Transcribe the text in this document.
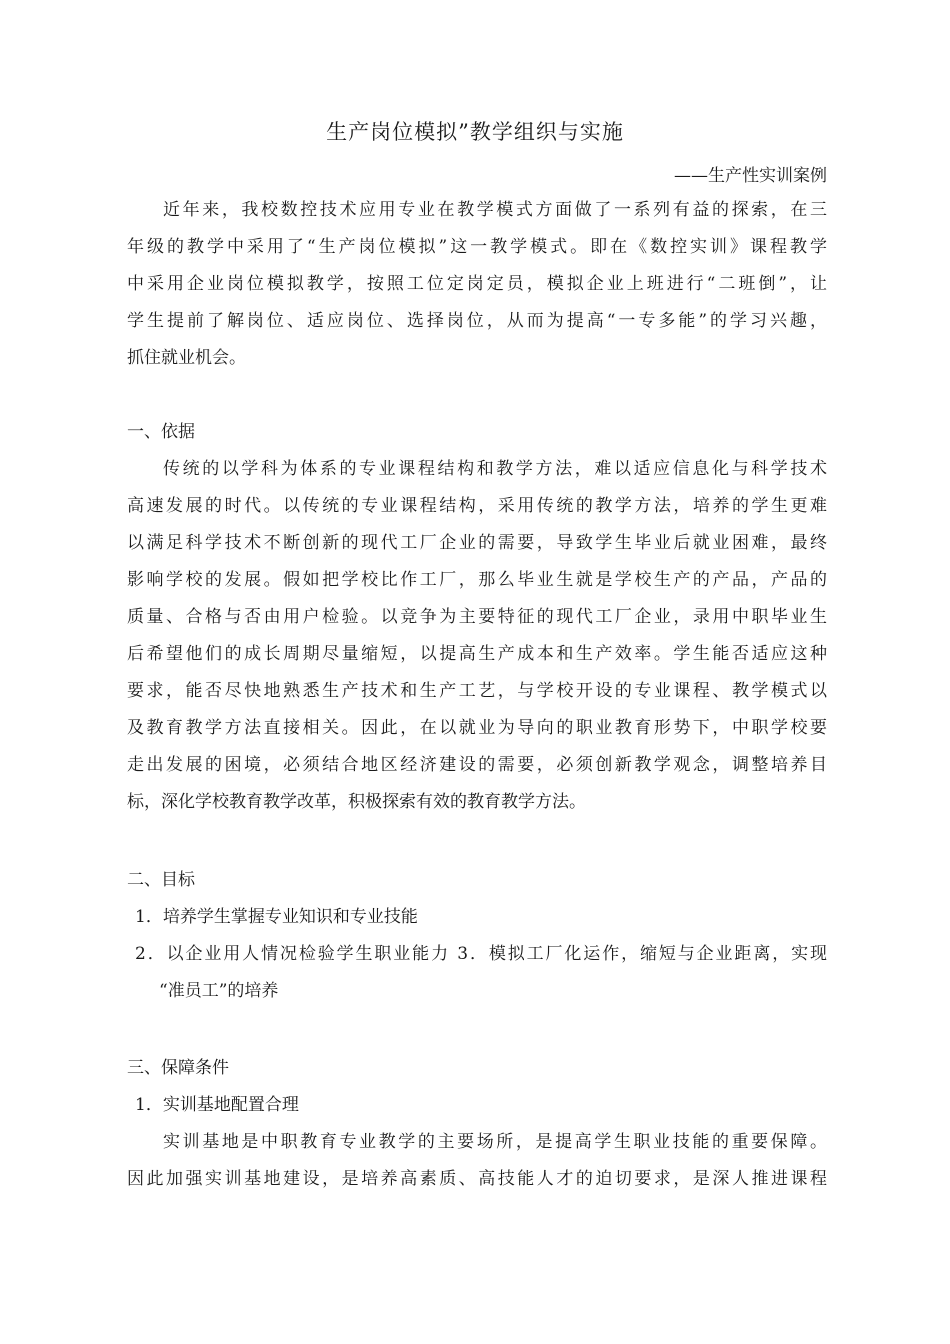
生产岗位模拟”教学组织与实施
——生产性实训案例
近年来，我校数控技术应用专业在教学模式方面做了一系列有益的探索，在三
年级的教学中采用了“生产岗位模拟”这一教学模式。即在《数控实训》课程教学
中采用企业岗位模拟教学，按照工位定岗定员，模拟企业上班进行“二班倒”，让
学生提前了解岗位、适应岗位、选择岗位，从而为提高“一专多能”的学习兴趣，
抓住就业机会。
一、依据
传统的以学科为体系的专业课程结构和教学方法，难以适应信息化与科学技术
高速发展的时代。以传统的专业课程结构，采用传统的教学方法，培养的学生更难
以满足科学技术不断创新的现代工厂企业的需要，导致学生毕业后就业困难，最终
影响学校的发展。假如把学校比作工厂，那么毕业生就是学校生产的产品，产品的
质量、合格与否由用户检验。以竞争为主要特征的现代工厂企业，录用中职毕业生
后希望他们的成长周期尽量缩短，以提高生产成本和生产效率。学生能否适应这种
要求，能否尽快地熟悉生产技术和生产工艺，与学校开设的专业课程、教学模式以
及教育教学方法直接相关。因此，在以就业为导向的职业教育形势下，中职学校要
走出发展的困境，必须结合地区经济建设的需要，必须创新教学观念，调整培养目
标，深化学校教育教学改革，积极探索有效的教育教学方法。
二、目标
1．培养学生掌握专业知识和专业技能
2．以企业用人情况检验学生职业能力 3．模拟工厂化运作，缩短与企业距离，实现
“准员工”的培养
三、保障条件
1．实训基地配置合理
实训基地是中职教育专业教学的主要场所，是提高学生职业技能的重要保障。
因此加强实训基地建设，是培养高素质、高技能人才的迫切要求，是深人推进课程
